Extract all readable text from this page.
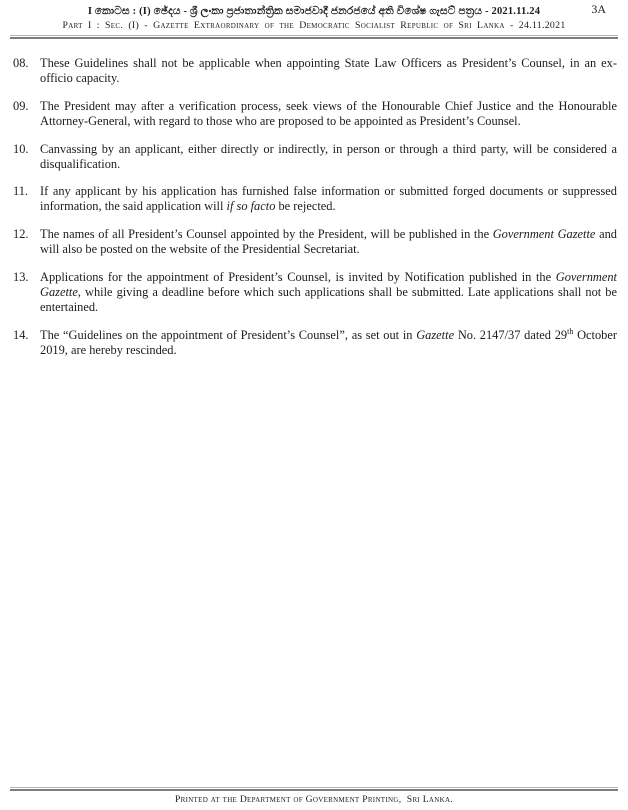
I කොටස : (I) ඡේදය - ශ්‍රී ලංකා ප්‍රජාතාන්ත්‍රික සමාජවාදී ජනරජයේ අති විශේෂ ගැසට් පත්‍රය - 2021.11.24
Part I : Sec. (I) - Gazette Extraordinary of the Democratic Socialist Republic of Sri Lanka - 24.11.2021
3A
08. These Guidelines shall not be applicable when appointing State Law Officers as President’s Counsel, in an ex-officio capacity.

09. The President may after a verification process, seek views of the Honourable Chief Justice and the Honourable Attorney-General, with regard to those who are proposed to be appointed as President’s Counsel.

10. Canvassing by an applicant, either directly or indirectly, in person or through a third party, will be considered a disqualification.

11. If any applicant by his application has furnished false information or submitted forged documents or suppressed information, the said application will if so facto be rejected.

12. The names of all President’s Counsel appointed by the President, will be published in the Government Gazette and will also be posted on the website of the Presidential Secretariat.

13. Applications for the appointment of President’s Counsel, is invited by Notification published in the Government Gazette, while giving a deadline before which such applications shall be submitted. Late applications shall not be entertained.

14. The “Guidelines on the appointment of President’s Counsel”, as set out in Gazette No. 2147/37 dated 29th October 2019, are hereby rescinded.

Printed at the Department of Government Printing,  Sri Lanka.
